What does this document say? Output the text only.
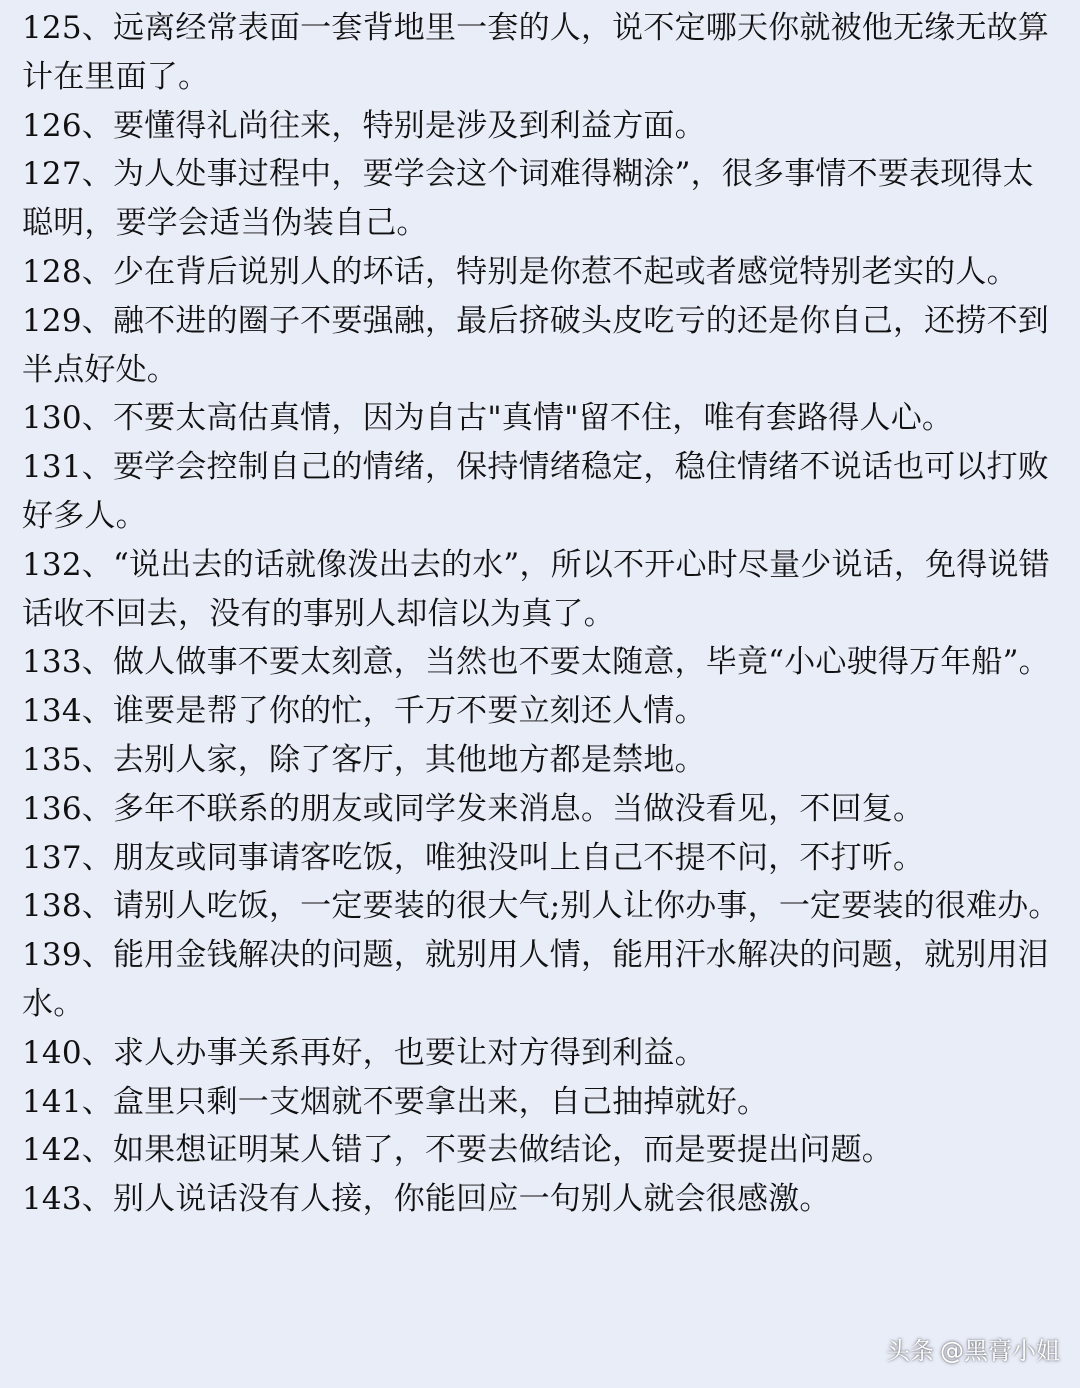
125、远离经常表面一套背地里一套的人，说不定哪天你就被他无缘无故算计在里面了。

126、要懂得礼尚往来，特别是涉及到利益方面。

127、为人处事过程中，要学会这个词难得糊涂”，很多事情不要表现得太聪明，要学会适当伪装自己。

128、少在背后说别人的坏话，特别是你惹不起或者感觉特别老实的人。

129、融不进的圈子不要强融，最后挤破头皮吃亏的还是你自己，还捞不到半点好处。

130、不要太高估真情，因为自古"真情"留不住，唯有套路得人心。

131、要学会控制自己的情绪，保持情绪稳定，稳住情绪不说话也可以打败好多人。

132、“说出去的话就像泼出去的水”，所以不开心时尽量少说话，免得说错话收不回去，没有的事别人却信以为真了。

133、做人做事不要太刻意，当然也不要太随意，毕竟“小心驶得万年船”。

134、谁要是帮了你的忙，千万不要立刻还人情。

135、去别人家，除了客厅，其他地方都是禁地。

136、多年不联系的朋友或同学发来消息。当做没看见，不回复。

137、朋友或同事请客吃饭，唯独没叫上自己不提不问，不打听。

138、请别人吃饭，一定要装的很大气;别人让你办事，一定要装的很难办。

139、能用金钱解决的问题，就别用人情，能用汗水解决的问题，就别用泪水。

140、求人办事关系再好，也要让对方得到利益。

141、盒里只剩一支烟就不要拿出来，自己抽掉就好。

142、如果想证明某人错了，不要去做结论，而是要提出问题。

143、别人说话没有人接，你能回应一句别人就会很感激。

头条 @黑膏小姐
